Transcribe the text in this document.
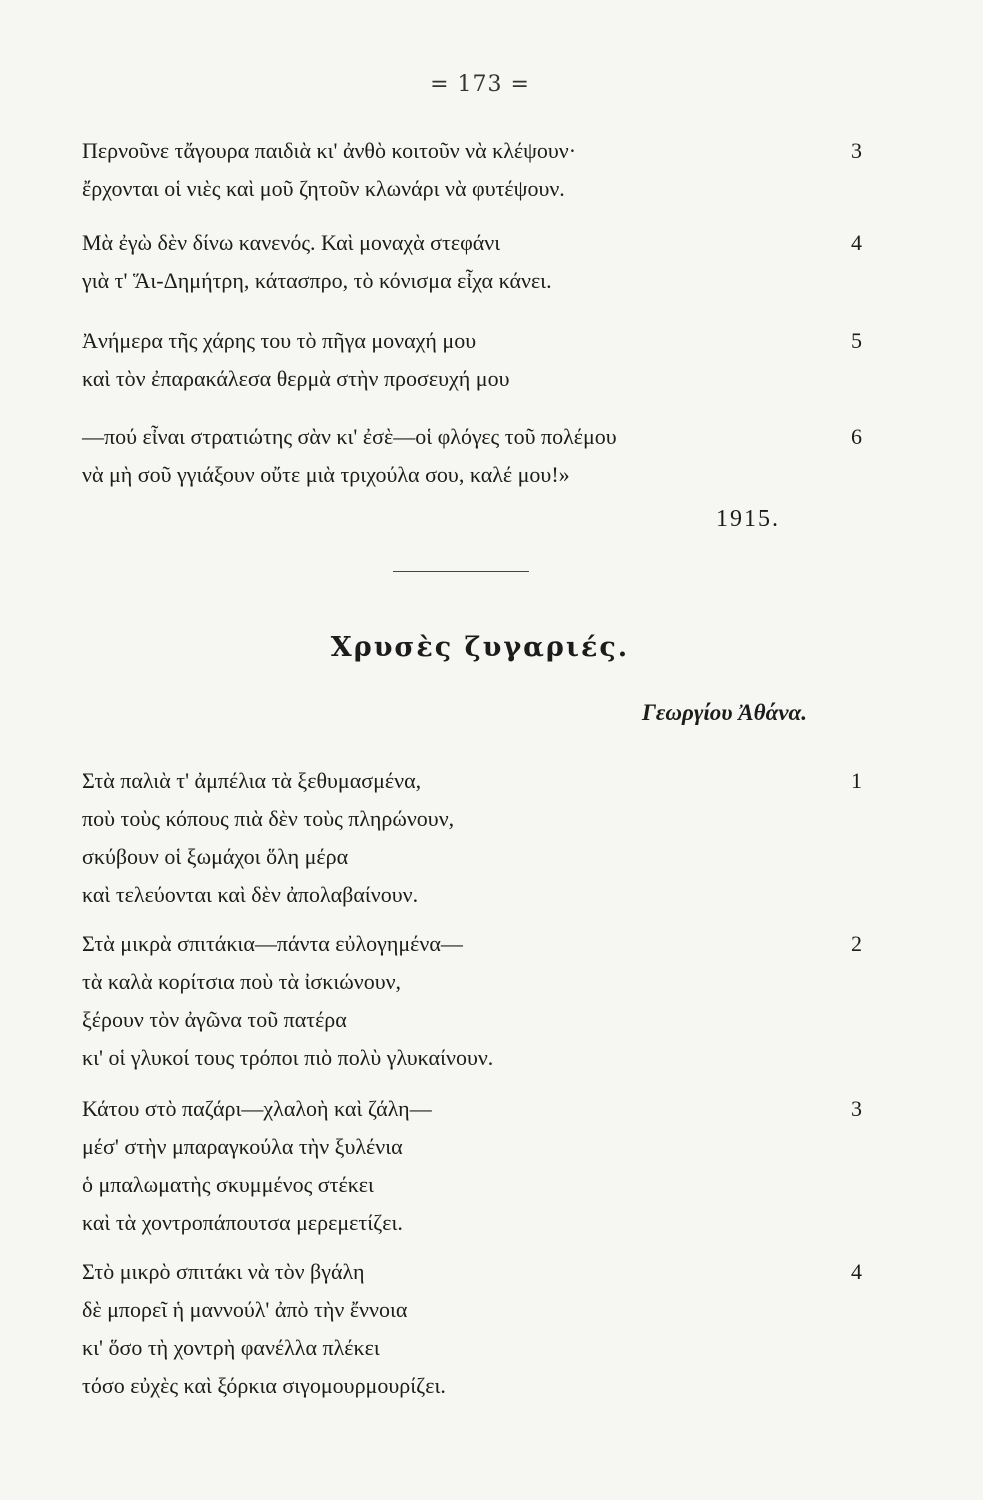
= 173 =
Περνοῦνε τἄγουρα παιδιὰ κι' ἀνθὸ κοιτοῦν νὰ κλέψουν·
ἔρχονται οἱ νιὲς καὶ μοῦ ζητοῦν κλωνάρι νὰ φυτέψουν.
3
Μὰ ἐγὼ δὲν δίνω κανενός. Καὶ μοναχὰ στεφάνι
γιὰ τ' Ἅι-Δημήτρη, κάτασπρο, τὸ κόνισμα εἶχα κάνει.
4
Ἀνήμερα τῆς χάρης του τὸ πῆγα μοναχή μου
καὶ τὸν ἐπαρακάλεσα θερμὰ στὴν προσευχή μου
5
—πού εἶναι στρατιώτης σὰν κι' ἐσὲ—οἱ φλόγες τοῦ πολέμου
νὰ μὴ σοῦ γγιάξουν οὔτε μιὰ τριχούλα σου, καλέ μου!»
6
1915.
Χρυσὲς ζυγαριές.
Γεωργίου Ἀθάνα.
Στὰ παλιὰ τ' ἀμπέλια τὰ ξεθυμασμένα,
ποὺ τοὺς κόπους πιὰ δὲν τοὺς πληρώνουν,
σκύβουν οἱ ξωμάχοι ὅλη μέρα
καὶ τελεύονται καὶ δὲν ἀπολαβαίνουν.
1
Στὰ μικρὰ σπιτάκια—πάντα εὐλογημένα—
τὰ καλὰ κορίτσια ποὺ τὰ ἰσκιώνουν,
ξέρουν τὸν ἀγῶνα τοῦ πατέρα
κι' οἱ γλυκοί τους τρόποι πιὸ πολὺ γλυκαίνουν.
2
Κάτου στὸ παζάρι—χλαλοὴ καὶ ζάλη—
μέσ' στὴν μπαραγκούλα τὴν ξυλένια
ὁ μπαλωματὴς σκυμμένος στέκει
καὶ τὰ χοντροπάπουτσα μερεμετίζει.
3
Στὸ μικρὸ σπιτάκι νὰ τὸν βγάλη
δὲ μπορεῖ ἡ μαννούλ' ἀπὸ τὴν ἔννοια
κι' ὅσο τὴ χοντρὴ φανέλλα πλέκει
τόσο εὐχὲς καὶ ξόρκια σιγομουρμουρίζει.
4
